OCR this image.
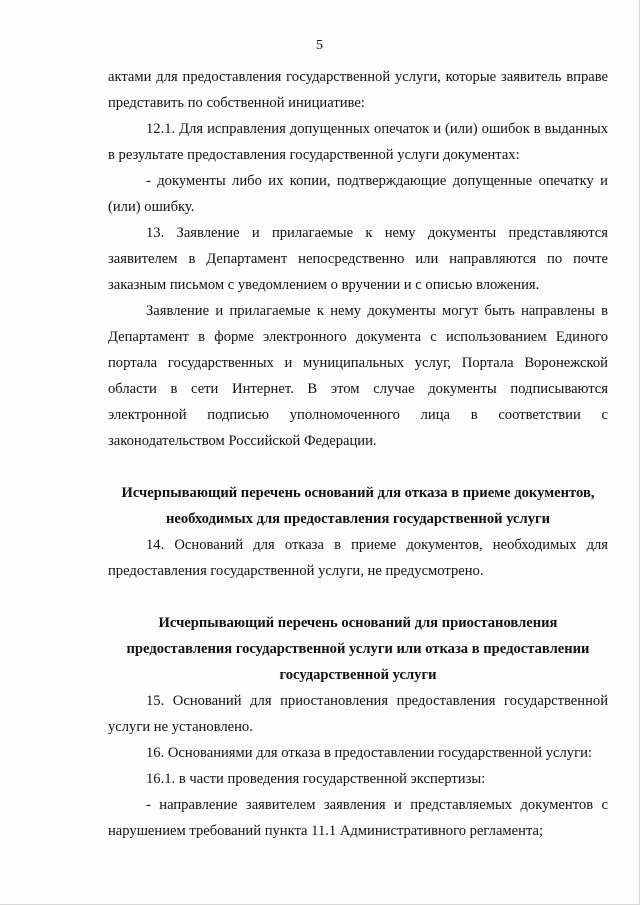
5

актами для предоставления государственной услуги, которые заявитель вправе представить по собственной инициативе:

12.1. Для исправления допущенных опечаток и (или) ошибок в выданных в результате предоставления государственной услуги документах:

- документы либо их копии, подтверждающие допущенные опечатку и (или) ошибку.

13. Заявление и прилагаемые к нему документы представляются заявителем в Департамент непосредственно или направляются по почте заказным письмом с уведомлением о вручении и с описью вложения.

Заявление и прилагаемые к нему документы могут быть направлены в Департамент в форме электронного документа с использованием Единого портала государственных и муниципальных услуг, Портала Воронежской области в сети Интернет. В этом случае документы подписываются электронной подписью уполномоченного лица в соответствии с законодательством Российской Федерации.

Исчерпывающий перечень оснований для отказа в приеме документов, необходимых для предоставления государственной услуги

14. Оснований для отказа в приеме документов, необходимых для предоставления государственной услуги, не предусмотрено.

Исчерпывающий перечень оснований для приостановления предоставления государственной услуги или отказа в предоставлении государственной услуги

15. Оснований для приостановления предоставления государственной услуги не установлено.

16. Основаниями для отказа в предоставлении государственной услуги:

16.1. в части проведения государственной экспертизы:

- направление заявителем заявления и представляемых документов с нарушением требований пункта 11.1 Административного регламента;
